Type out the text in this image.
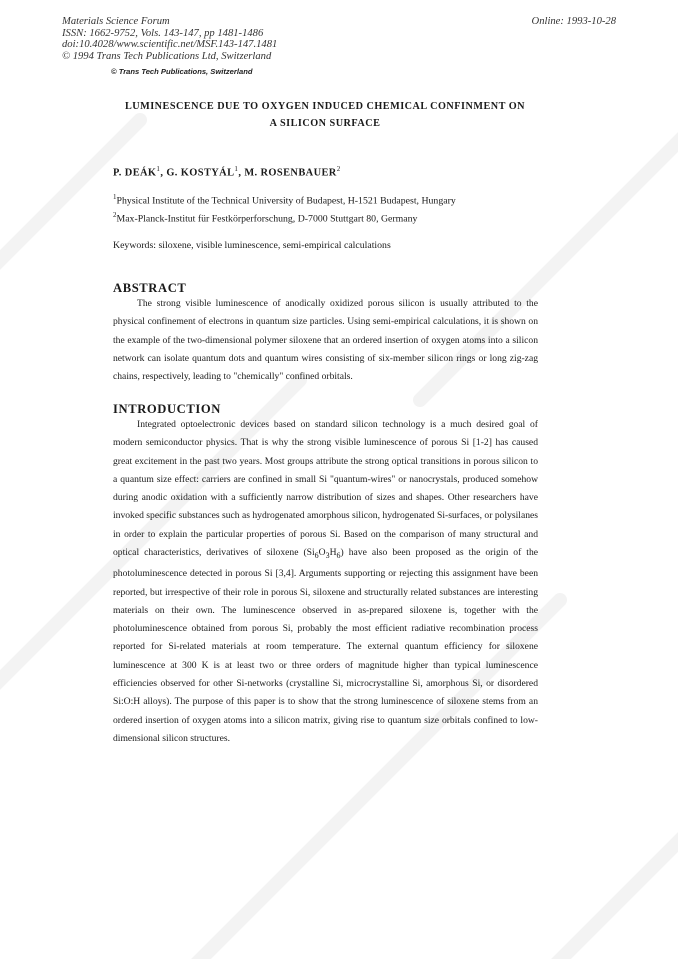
Materials Science Forum
ISSN: 1662-9752, Vols. 143-147, pp 1481-1486
doi:10.4028/www.scientific.net/MSF.143-147.1481
© 1994 Trans Tech Publications Ltd, Switzerland
Online: 1993-10-28
© Trans Tech Publications, Switzerland
LUMINESCENCE DUE TO OXYGEN INDUCED CHEMICAL CONFINMENT ON
A SILICON SURFACE
P. DEÁK$^1$, G. KOSTYÁL$^1$, M. ROSENBAUER$^2$
$^1$Physical Institute of the Technical University of Budapest, H-1521 Budapest, Hungary
$^2$Max-Planck-Institut für Festkörperforschung, D-7000 Stuttgart 80, Germany
Keywords: siloxene, visible luminescence, semi-empirical calculations
ABSTRACT

The strong visible luminescence of anodically oxidized porous silicon is usually attributed to the physical confinement of electrons in quantum size particles. Using semi-empirical calculations, it is shown on the example of the two-dimensional polymer siloxene that an ordered insertion of oxygen atoms into a silicon network can isolate quantum dots and quantum wires consisting of six-member silicon rings or long zig-zag chains, respectively, leading to "chemically" confined orbitals.

INTRODUCTION

Integrated optoelectronic devices based on standard silicon technology is a much desired goal of modern semiconductor physics. That is why the strong visible luminescence of porous Si [1-2] has caused great excitement in the past two years. Most groups attribute the strong optical transitions in porous silicon to a quantum size effect: carriers are confined in small Si "quantum-wires" or nanocrystals, produced somehow during anodic oxidation with a sufficiently narrow distribution of sizes and shapes. Other researchers have invoked specific substances such as hydrogenated amorphous silicon, hydrogenated Si-surfaces, or polysilanes in order to explain the particular properties of porous Si. Based on the comparison of many structural and optical characteristics, derivatives of siloxene $(Si_6O_3H_6)$ have also been proposed as the origin of the photoluminescence detected in porous Si [3,4]. Arguments supporting or rejecting this assignment have been reported, but irrespective of their role in porous Si, siloxene and structurally related substances are interesting materials on their own. The luminescence observed in as-prepared siloxene is, together with the photoluminescence obtained from porous Si, probably the most efficient radiative recombination process reported for Si-related materials at room temperature. The external quantum efficiency for siloxene luminescence at 300 K is at least two or three orders of magnitude higher than typical luminescence efficiencies observed for other Si-networks (crystalline Si, microcrystalline Si, amorphous Si, or disordered Si:O:H alloys). The purpose of this paper is to show that the strong luminescence of siloxene stems from an ordered insertion of oxygen atoms into a silicon matrix, giving rise to quantum size orbitals confined to low-dimensional silicon structures.
